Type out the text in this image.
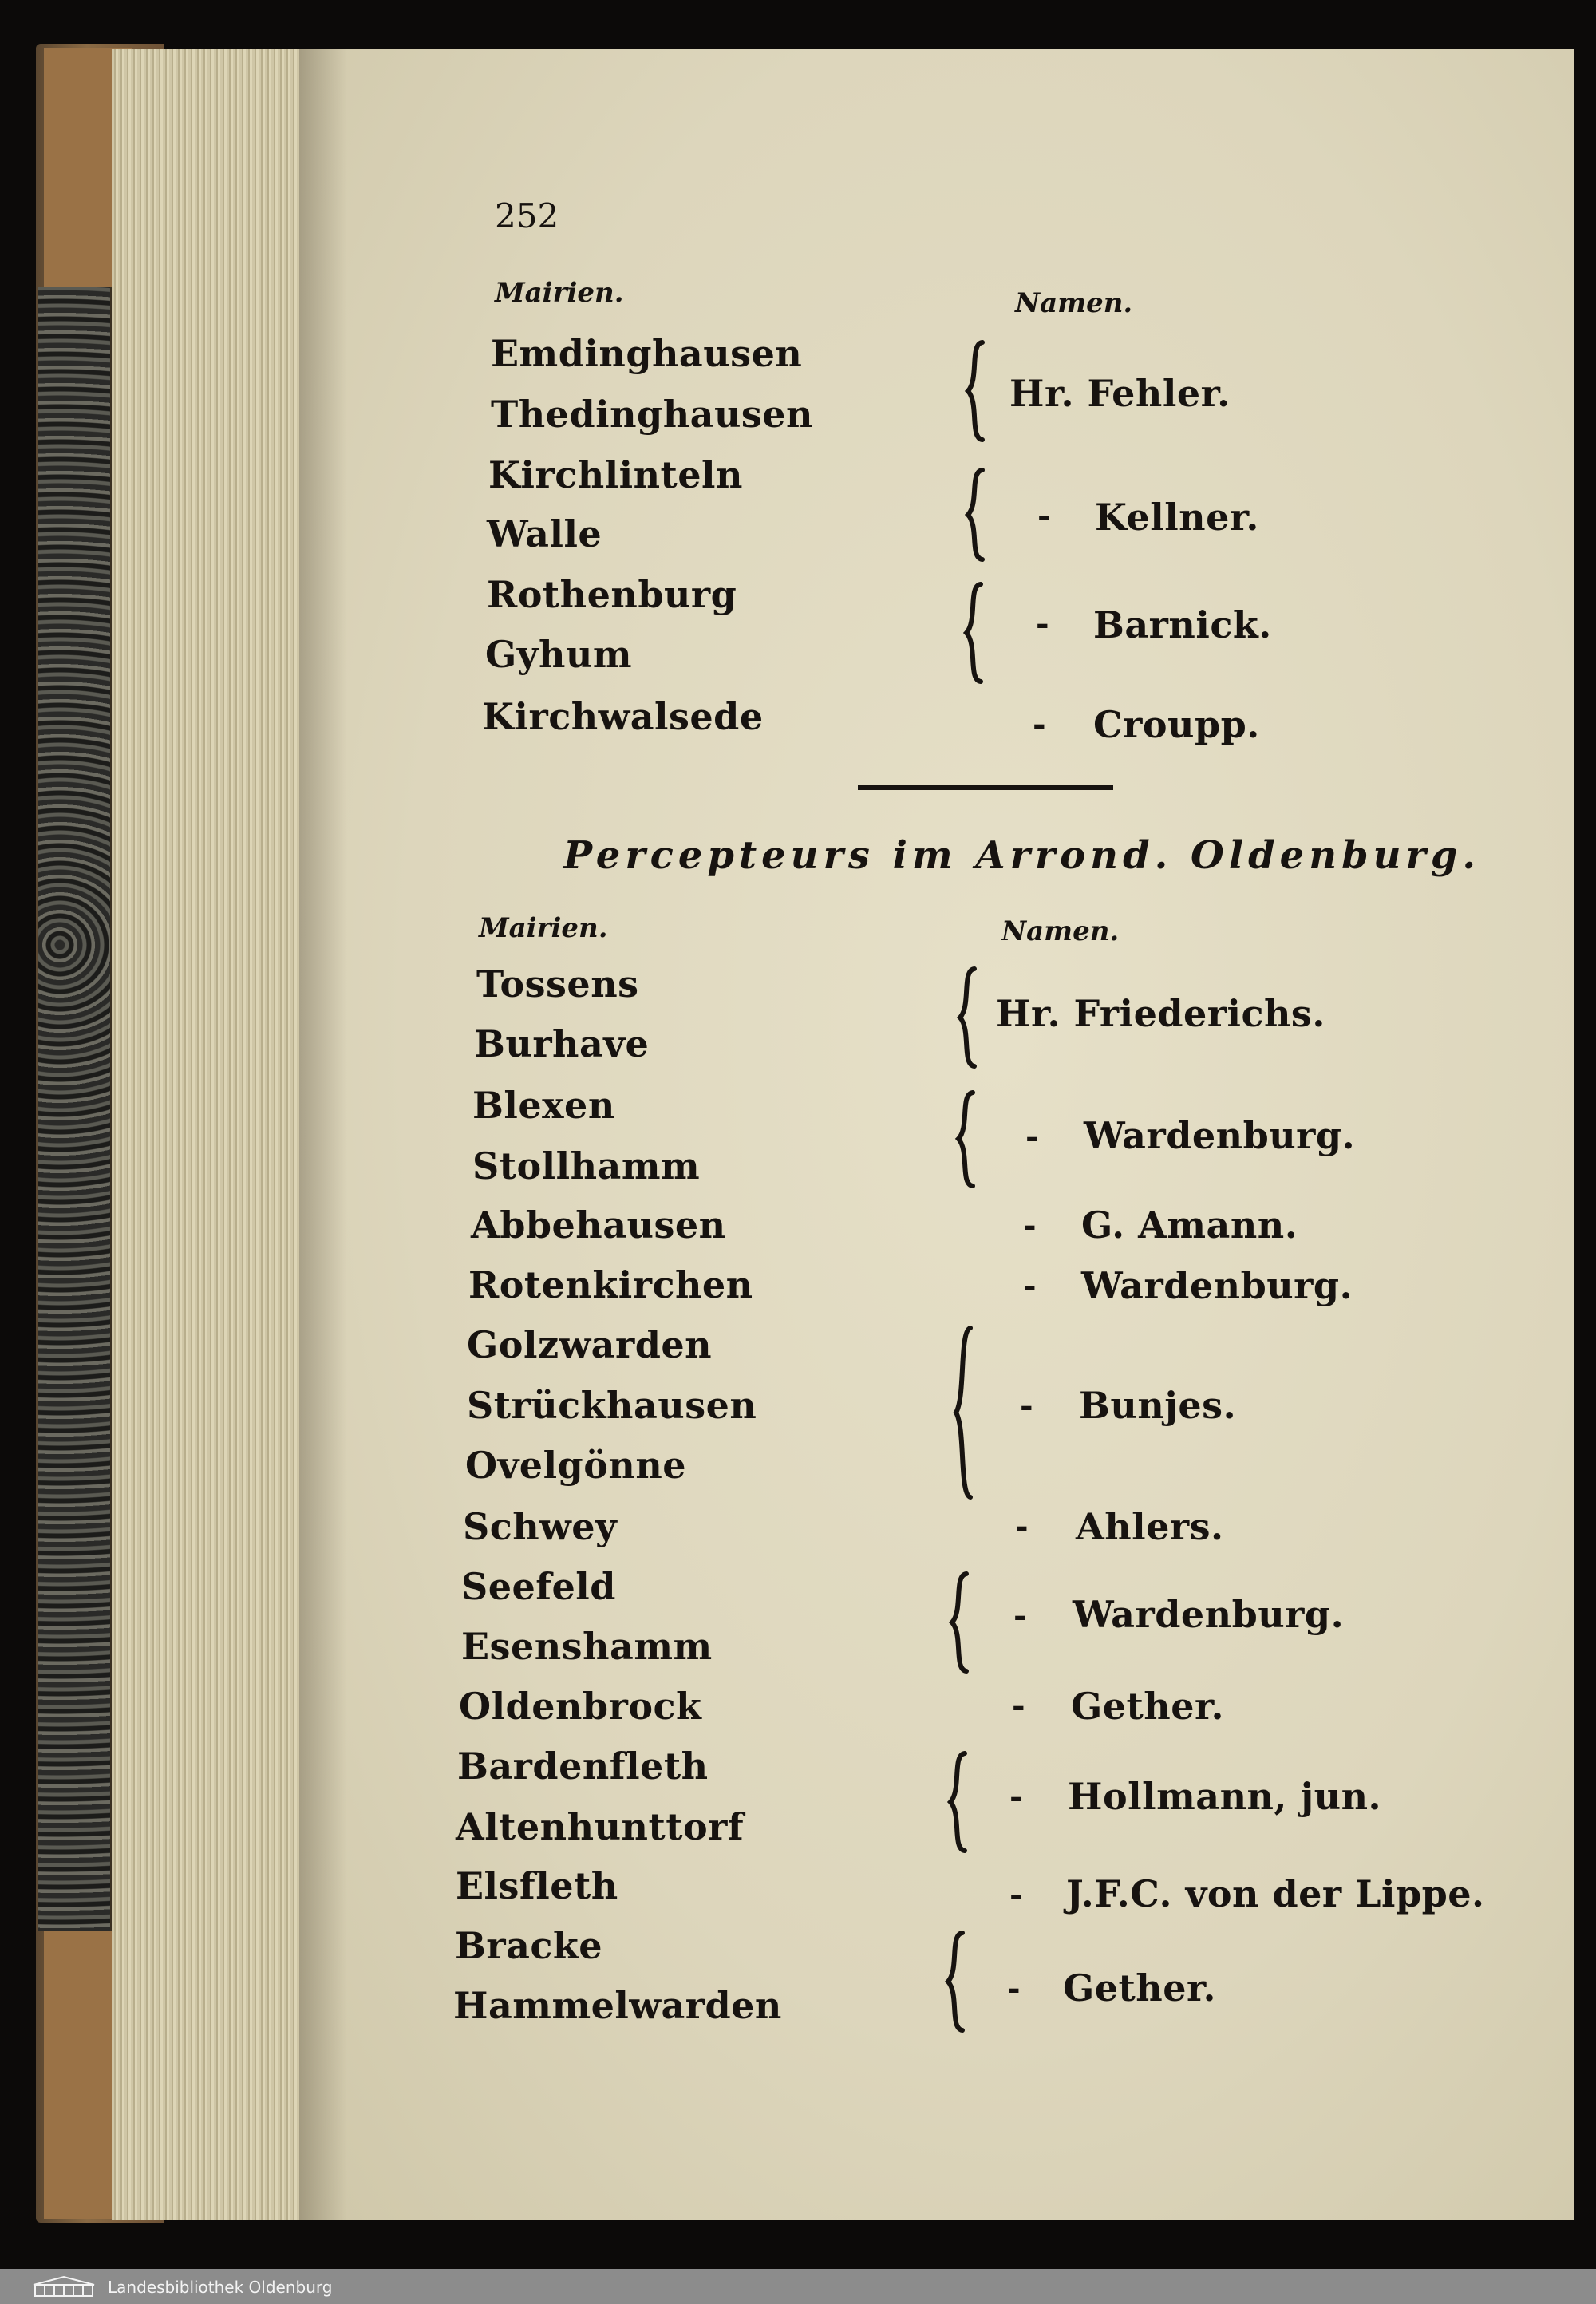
252
Mairien.	Namen.
Emdinghausen
Thedinghausen
Kirchlinteln
Walle
Rothenburg
Gyhum
Kirchwalsede
Hr. Fehler.
- Kellner.
- Barnick.
- Croupp.
Percepteurs im Arrond. Oldenburg.
Mairien.	Namen.
Tossens
Burhave
Blexen
Stollhamm
Abbehausen
Rotenkirchen
Golzwarden
Strückhausen
Ovelgönne
Schwey
Seefeld
Esenshamm
Oldenbrock
Bardenfleth
Altenhunttorf
Elsfleth
Bracke
Hammelwarden
Hr. Friederichs.
- Wardenburg.
- G. Amann.
- Wardenburg.
- Bunjes.
- Ahlers.
- Wardenburg.
- Gether.
- Hollmann, jun.
- J.F.C. von der Lippe.
- Gether.
Landesbibliothek Oldenburg
